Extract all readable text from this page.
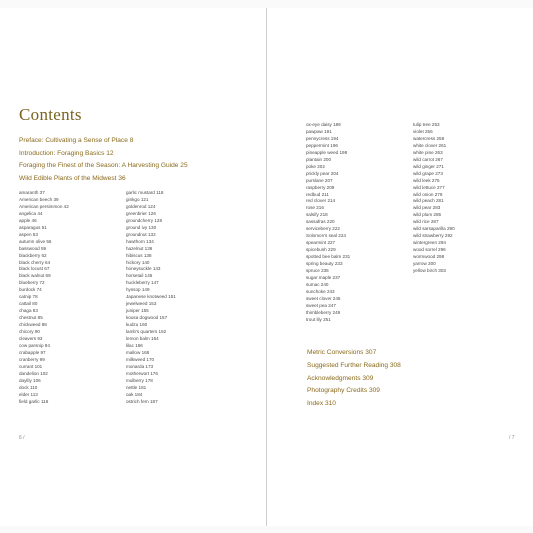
Contents
Preface: Cultivating a Sense of Place 8
Introduction: Foraging Basics 12
Foraging the Finest of the Season: A Harvesting Guide 25
Wild Edible Plants of the Midwest 36
amaranth 37
American beech 39
American persimmon 42
angelica 44
apple 46
asparagus 51
aspen 53
autumn olive 56
basswood 59
blackberry 62
black cherry 64
black locust 67
black walnut 69
blueberry 72
burdock 74
catnip 78
cattail 80
chaga 83
chestnut 85
chickweed 88
chicory 90
cleavers 93
cow parsnip 94
crabapple 97
cranberry 99
currant 101
dandelion 102
daylily 106
dock 110
elder 113
field garlic 116
garlic mustard 118
ginkgo 121
goldenrod 124
greenbrier 126
groundcherry 128
ground ivy 130
groundnut 132
hawthorn 134
hazelnut 136
hibiscus 138
hickory 140
honeysuckle 143
horsetail 145
huckleberry 147
hyssop 149
Japanese knotweed 151
jewelweed 153
juniper 155
kousa dogwood 157
kudzu 160
lamb's quarters 162
lemon balm 164
lilac 166
mallow 168
milkweed 170
monarda 173
motherwort 176
mulberry 178
nettle 181
oak 184
ostrich fern 187
6 /
ox-eye daisy 189
pawpaw 191
pennycress 194
peppermint 196
pineapple weed 198
plantain 200
poke 202
prickly pear 204
purslane 207
raspberry 209
redbud 211
red clover 214
rose 216
salsify 218
sassafras 220
serviceberry 222
Solomon's seal 224
spearmint 227
spicebush 229
spotted bee balm 231
spring beauty 233
spruce 235
sugar maple 237
sumac 240
sunchoke 243
sweet clover 245
sweet pea 247
thimbleberry 249
trout lily 251
tulip tree 253
violet 256
watercress 258
white clover 261
white pine 263
wild carrot 267
wild ginger 271
wild grape 273
wild leek 275
wild lettuce 277
wild onion 279
wild peach 281
wild pear 283
wild plum 285
wild rice 287
wild sarsaparilla 290
wild strawberry 292
wintergreen 294
wood sorrel 296
wormwood 298
yarrow 300
yellow birch 303
Metric Conversions 307
Suggested Further Reading 308
Acknowledgments 309
Photography Credits 309
Index 310
/ 7
